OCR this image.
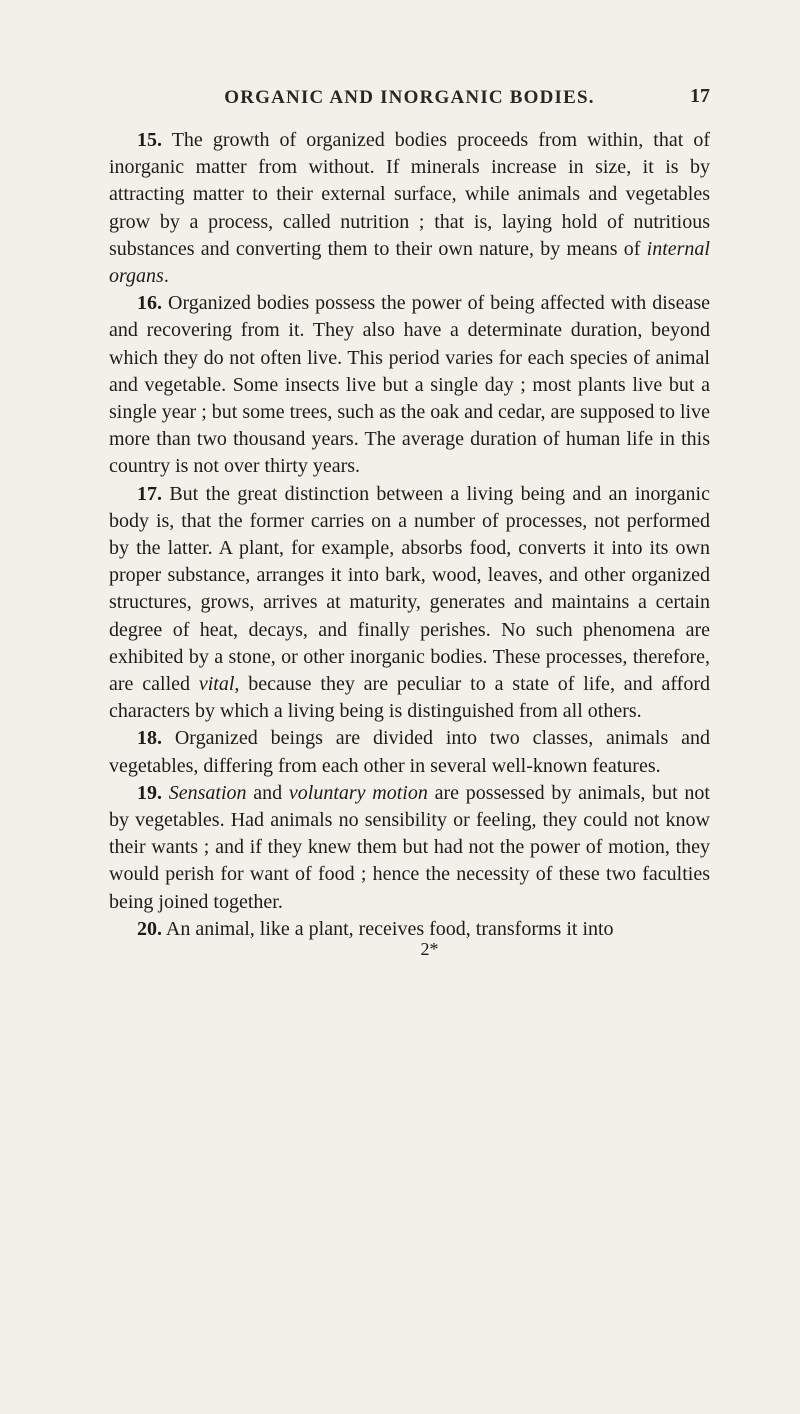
ORGANIC AND INORGANIC BODIES.	17

15. The growth of organized bodies proceeds from within, that of inorganic matter from without. If minerals increase in size, it is by attracting matter to their external surface, while animals and vegetables grow by a process, called nutrition ; that is, laying hold of nutritious substances and converting them to their own nature, by means of internal organs.

16. Organized bodies possess the power of being affected with disease and recovering from it. They also have a determinate duration, beyond which they do not often live. This period varies for each species of animal and vegetable. Some insects live but a single day ; most plants live but a single year ; but some trees, such as the oak and cedar, are supposed to live more than two thousand years. The average duration of human life in this country is not over thirty years.

17. But the great distinction between a living being and an inorganic body is, that the former carries on a number of processes, not performed by the latter. A plant, for example, absorbs food, converts it into its own proper substance, arranges it into bark, wood, leaves, and other organized structures, grows, arrives at maturity, generates and maintains a certain degree of heat, decays, and finally perishes. No such phenomena are exhibited by a stone, or other inorganic bodies. These processes, therefore, are called vital, because they are peculiar to a state of life, and afford characters by which a living being is distinguished from all others.

18. Organized beings are divided into two classes, animals and vegetables, differing from each other in several well-known features.

19. Sensation and voluntary motion are possessed by animals, but not by vegetables. Had animals no sensibility or feeling, they could not know their wants ; and if they knew them but had not the power of motion, they would perish for want of food ; hence the necessity of these two faculties being joined together.

20. An animal, like a plant, receives food, transforms it into

2*
